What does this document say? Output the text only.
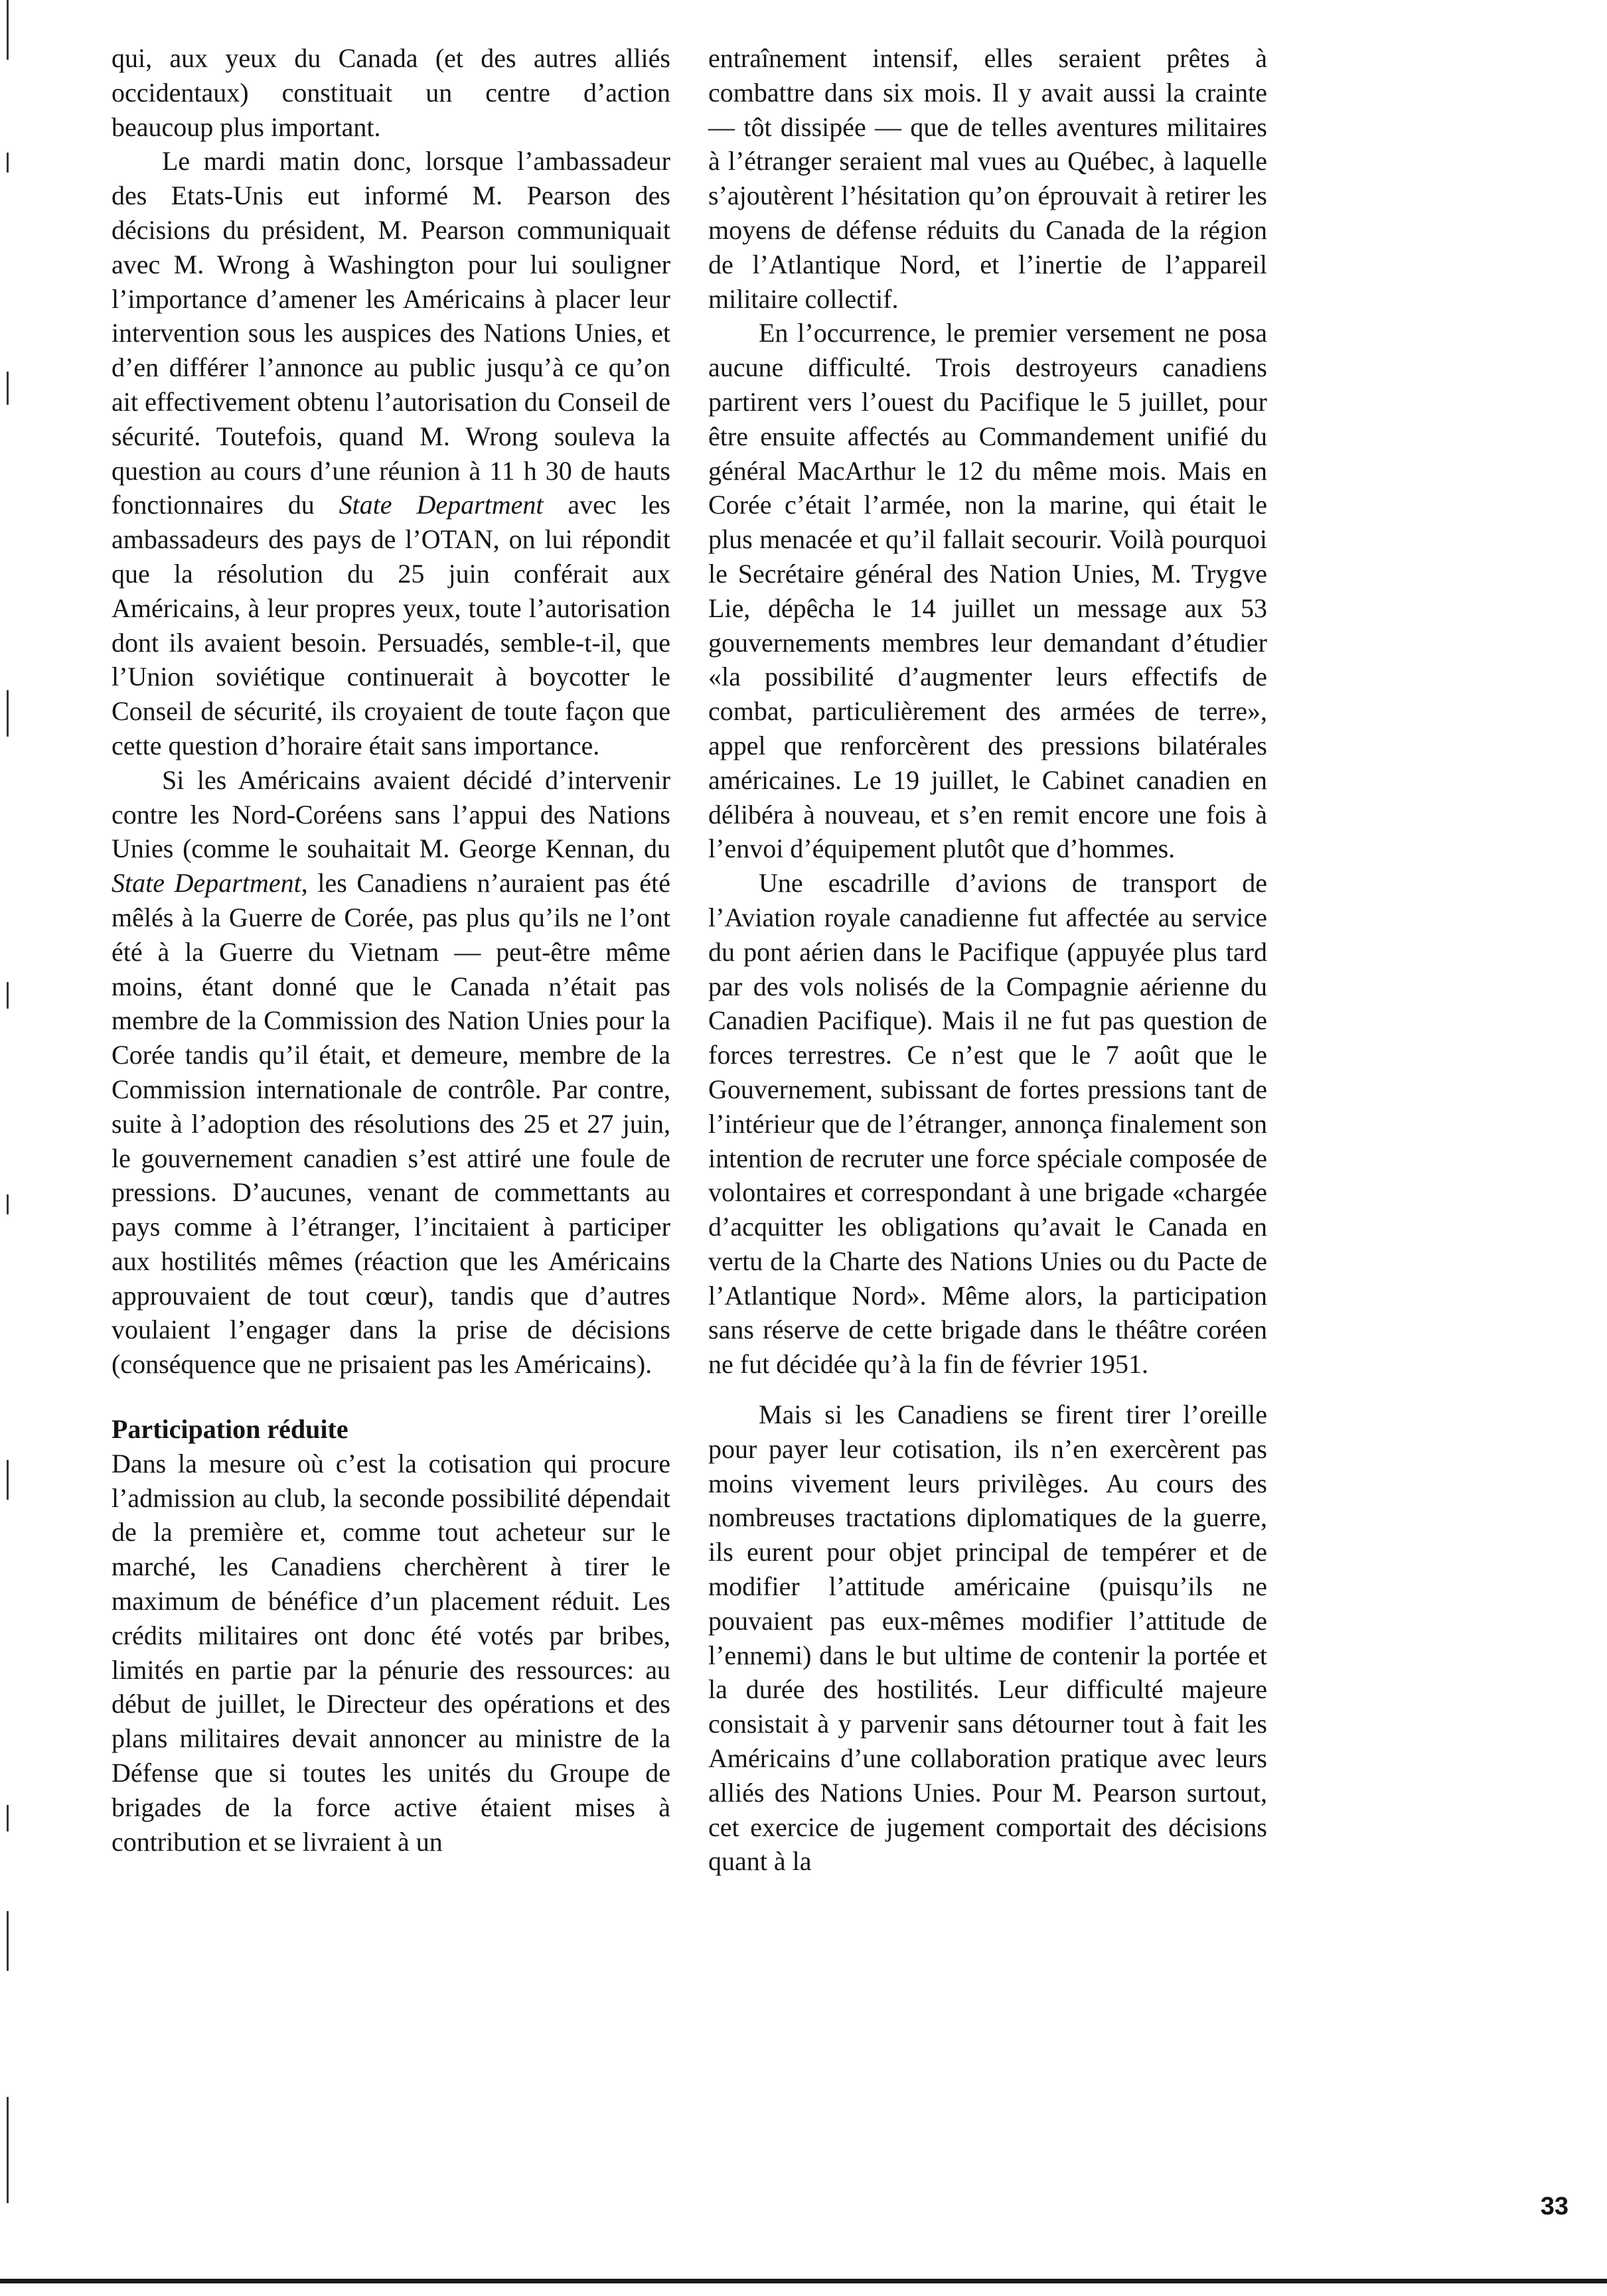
qui, aux yeux du Canada (et des autres alliés occidentaux) constituait un centre d’action beaucoup plus important.

Le mardi matin donc, lorsque l’ambassadeur des Etats-Unis eut informé M. Pearson des décisions du président, M. Pearson communiquait avec M. Wrong à Washington pour lui souligner l’importance d’amener les Américains à placer leur intervention sous les auspices des Nations Unies, et d’en différer l’annonce au public jusqu’à ce qu’on ait effectivement obtenu l’autorisation du Conseil de sécurité. Toutefois, quand M. Wrong souleva la question au cours d’une réunion à 11 h 30 de hauts fonctionnaires du State Department avec les ambassadeurs des pays de l’OTAN, on lui répondit que la résolution du 25 juin conférait aux Américains, à leur propres yeux, toute l’autorisation dont ils avaient besoin. Persuadés, semble-t-il, que l’Union soviétique continuerait à boycotter le Conseil de sécurité, ils croyaient de toute façon que cette question d’horaire était sans importance.

Si les Américains avaient décidé d’intervenir contre les Nord-Coréens sans l’appui des Nations Unies (comme le souhaitait M. George Kennan, du State Department, les Canadiens n’auraient pas été mêlés à la Guerre de Corée, pas plus qu’ils ne l’ont été à la Guerre du Vietnam — peut-être même moins, étant donné que le Canada n’était pas membre de la Commission des Nation Unies pour la Corée tandis qu’il était, et demeure, membre de la Commission internationale de contrôle. Par contre, suite à l’adoption des résolutions des 25 et 27 juin, le gouvernement canadien s’est attiré une foule de pressions. D’aucunes, venant de commettants au pays comme à l’étranger, l’incitaient à participer aux hostilités mêmes (réaction que les Américains approuvaient de tout cœur), tandis que d’autres voulaient l’engager dans la prise de décisions (conséquence que ne prisaient pas les Américains).

Participation réduite

Dans la mesure où c’est la cotisation qui procure l’admission au club, la seconde possibilité dépendait de la première et, comme tout acheteur sur le marché, les Canadiens cherchèrent à tirer le maximum de bénéfice d’un placement réduit. Les crédits militaires ont donc été votés par bribes, limités en partie par la pénurie des ressources: au début de juillet, le Directeur des opérations et des plans militaires devait annoncer au ministre de la Défense que si toutes les unités du Groupe de brigades de la force active étaient mises à contribution et se livraient à un

entraînement intensif, elles seraient prêtes à combattre dans six mois. Il y avait aussi la crainte — tôt dissipée — que de telles aventures militaires à l’étranger seraient mal vues au Québec, à laquelle s’ajoutèrent l’hésitation qu’on éprouvait à retirer les moyens de défense réduits du Canada de la région de l’Atlantique Nord, et l’inertie de l’appareil militaire collectif.

En l’occurrence, le premier versement ne posa aucune difficulté. Trois destroyeurs canadiens partirent vers l’ouest du Pacifique le 5 juillet, pour être ensuite affectés au Commandement unifié du général MacArthur le 12 du même mois. Mais en Corée c’était l’armée, non la marine, qui était le plus menacée et qu’il fallait secourir. Voilà pourquoi le Secrétaire général des Nation Unies, M. Trygve Lie, dépêcha le 14 juillet un message aux 53 gouvernements membres leur demandant d’étudier «la possibilité d’augmenter leurs effectifs de combat, particulièrement des armées de terre», appel que renforcèrent des pressions bilatérales américaines. Le 19 juillet, le Cabinet canadien en délibéra à nouveau, et s’en remit encore une fois à l’envoi d’équipement plutôt que d’hommes.

Une escadrille d’avions de transport de l’Aviation royale canadienne fut affectée au service du pont aérien dans le Pacifique (appuyée plus tard par des vols nolisés de la Compagnie aérienne du Canadien Pacifique). Mais il ne fut pas question de forces terrestres. Ce n’est que le 7 août que le Gouvernement, subissant de fortes pressions tant de l’intérieur que de l’étranger, annonça finalement son intention de recruter une force spéciale composée de volontaires et correspondant à une brigade «chargée d’acquitter les obligations qu’avait le Canada en vertu de la Charte des Nations Unies ou du Pacte de l’Atlantique Nord». Même alors, la participation sans réserve de cette brigade dans le théâtre coréen ne fut décidée qu’à la fin de février 1951.

Mais si les Canadiens se firent tirer l’oreille pour payer leur cotisation, ils n’en exercèrent pas moins vivement leurs privilèges. Au cours des nombreuses tractations diplomatiques de la guerre, ils eurent pour objet principal de tempérer et de modifier l’attitude américaine (puisqu’ils ne pouvaient pas eux-mêmes modifier l’attitude de l’ennemi) dans le but ultime de contenir la portée et la durée des hostilités. Leur difficulté majeure consistait à y parvenir sans détourner tout à fait les Américains d’une collaboration pratique avec leurs alliés des Nations Unies. Pour M. Pearson surtout, cet exercice de jugement comportait des décisions quant à la

33
